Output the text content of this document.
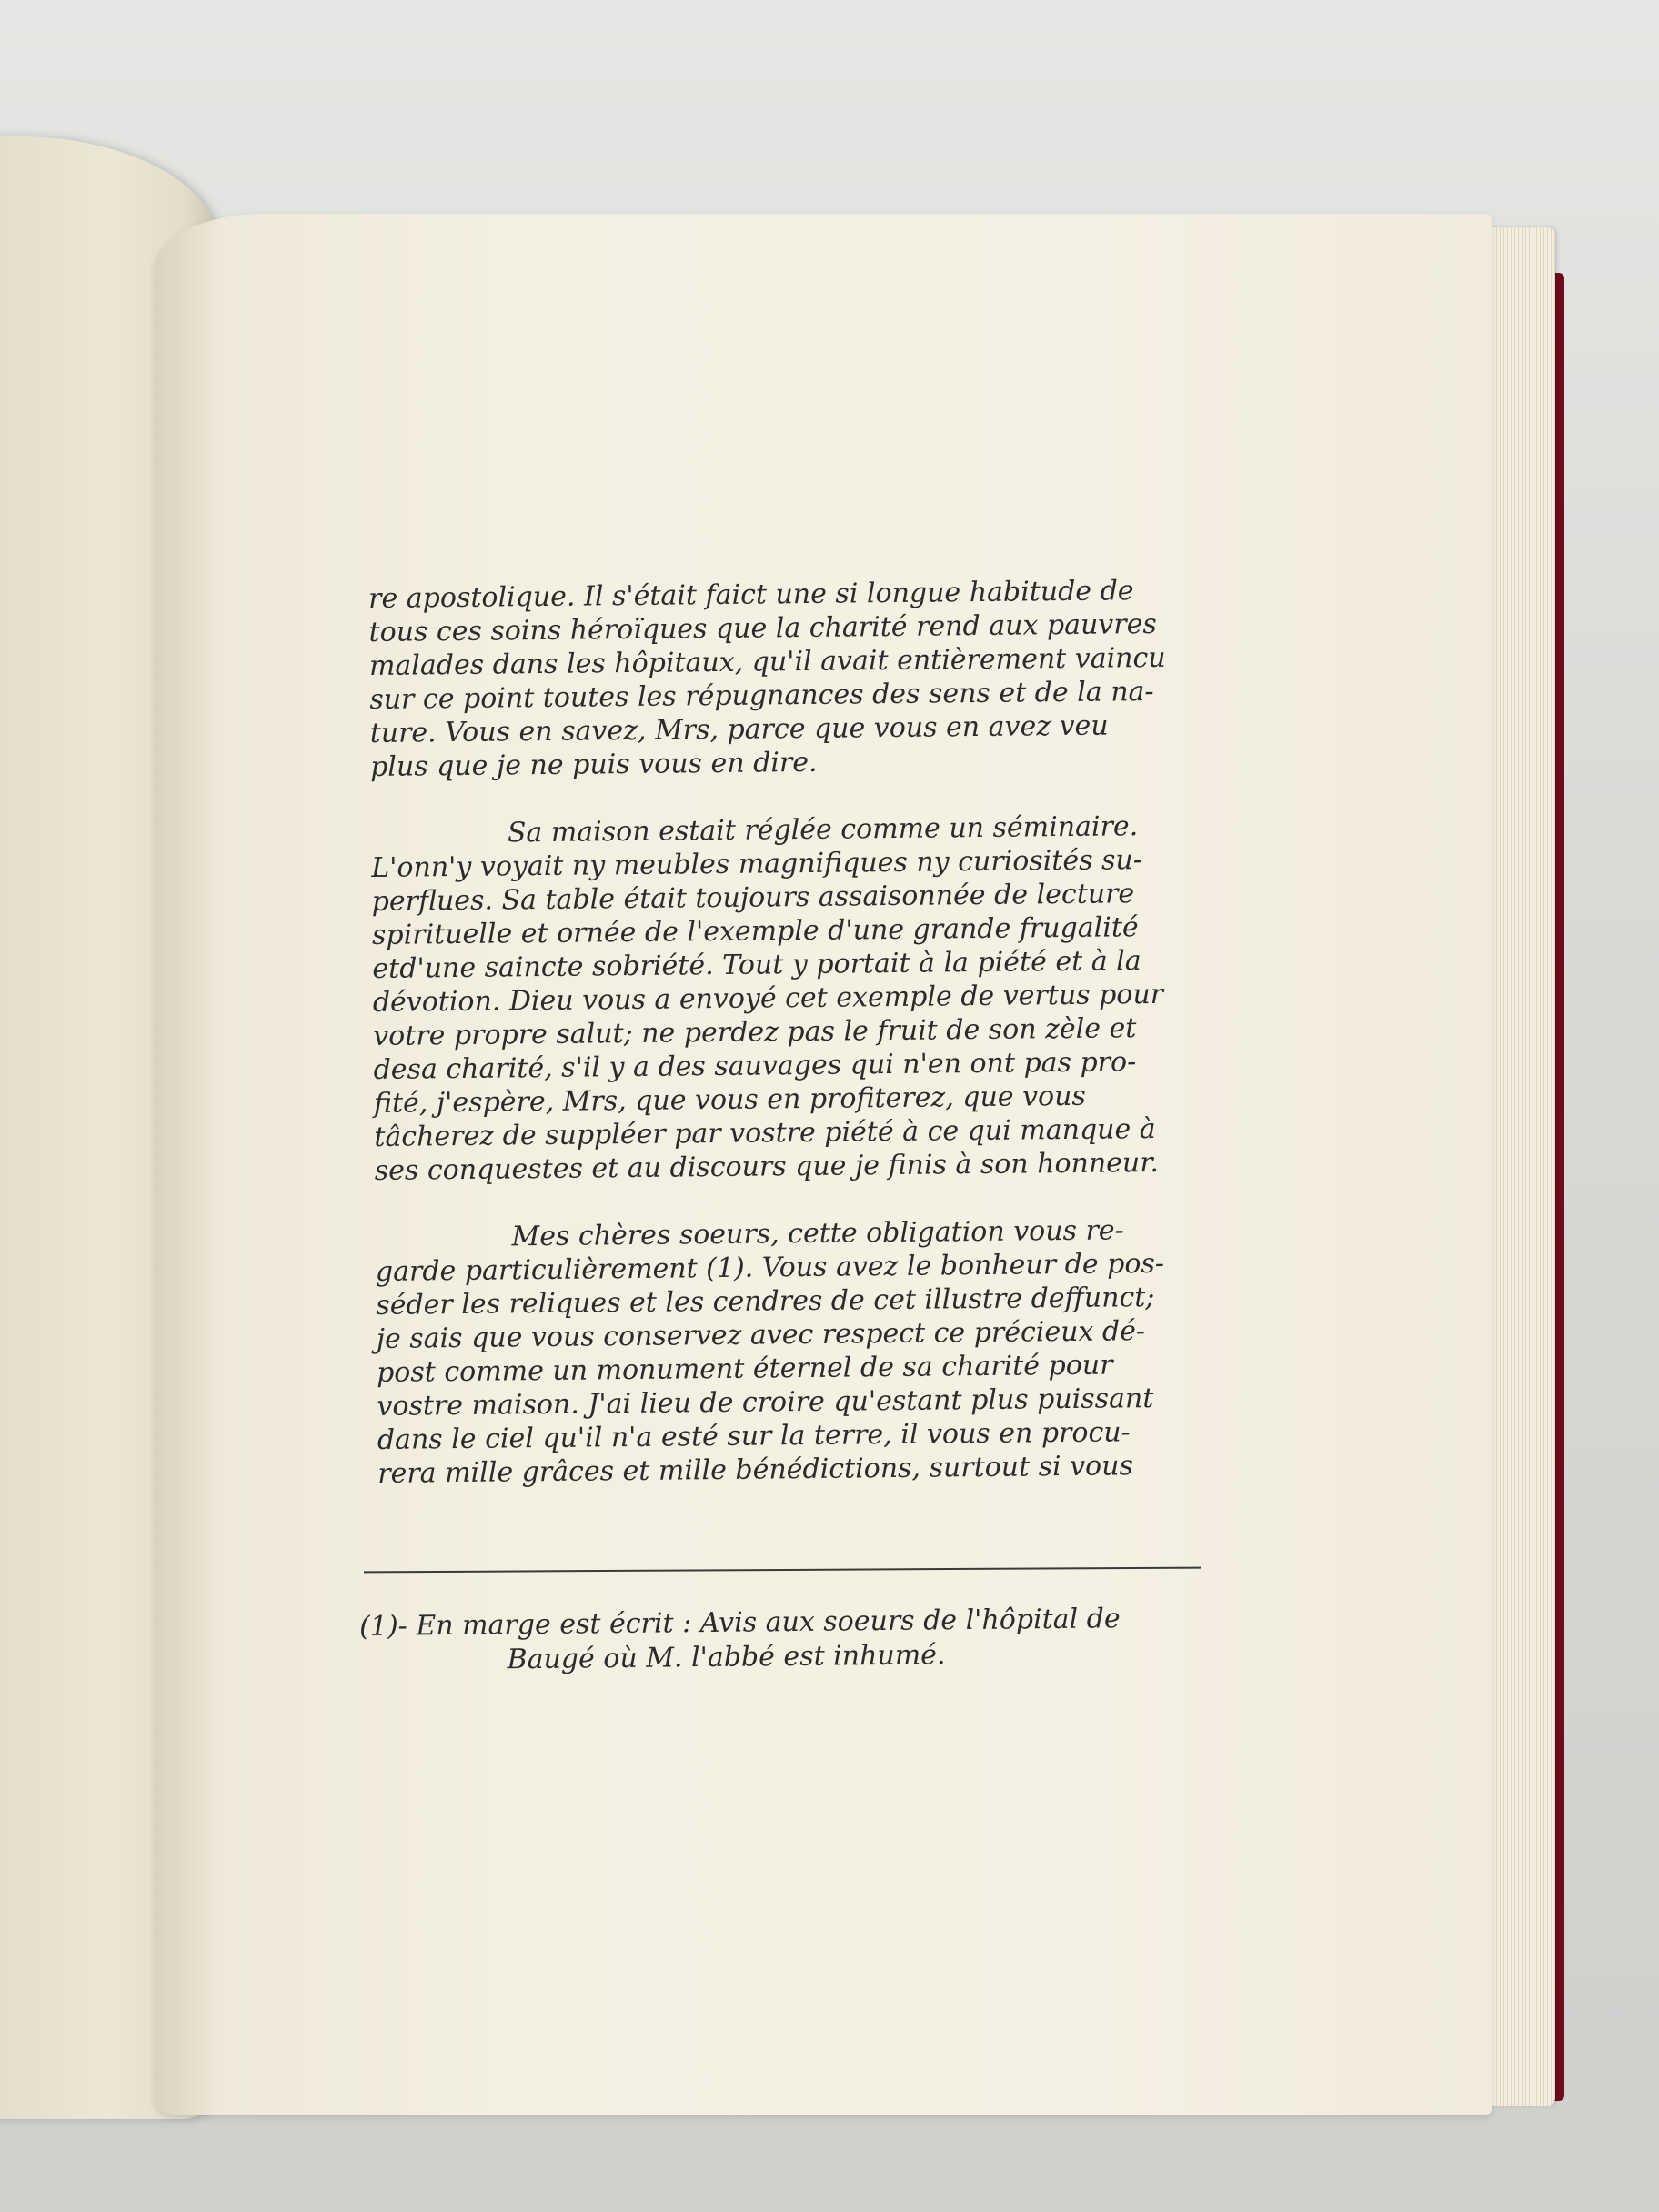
re apostolique. Il s'était faict une si longue habitude de
tous ces soins héroïques que la charité rend aux pauvres
malades dans les hôpitaux, qu'il avait entièrement vaincu
sur ce point toutes les répugnances des sens et de la na-
ture. Vous en savez, Mrs, parce que vous en avez veu
plus que je ne puis vous en dire.
Sa maison estait réglée comme un séminaire.
L'onn'y voyait ny meubles magnifiques ny curiosités su-
perflues. Sa table était toujours assaisonnée de lecture
spirituelle et ornée de l'exemple d'une grande frugalité
etd'une saincte sobriété. Tout y portait à la piété et à la
dévotion. Dieu vous a envoyé cet exemple de vertus pour
votre propre salut; ne perdez pas le fruit de son zèle et
desa charité, s'il y a des sauvages qui n'en ont pas pro-
fité, j'espère, Mrs, que vous en profiterez, que vous
tâcherez de suppléer par vostre piété à ce qui manque à
ses conquestes et au discours que je finis à son honneur.
Mes chères soeurs, cette obligation vous re-
garde particulièrement (1). Vous avez le bonheur de pos-
séder les reliques et les cendres de cet illustre deffunct;
je sais que vous conservez avec respect ce précieux dé-
post comme un monument éternel de sa charité pour
vostre maison. J'ai lieu de croire qu'estant plus puissant
dans le ciel qu'il n'a esté sur la terre, il vous en procu-
rera mille grâces et mille bénédictions, surtout si vous
(1)- En marge est écrit : Avis aux soeurs de l'hôpital de
Baugé où M. l'abbé est inhumé.
